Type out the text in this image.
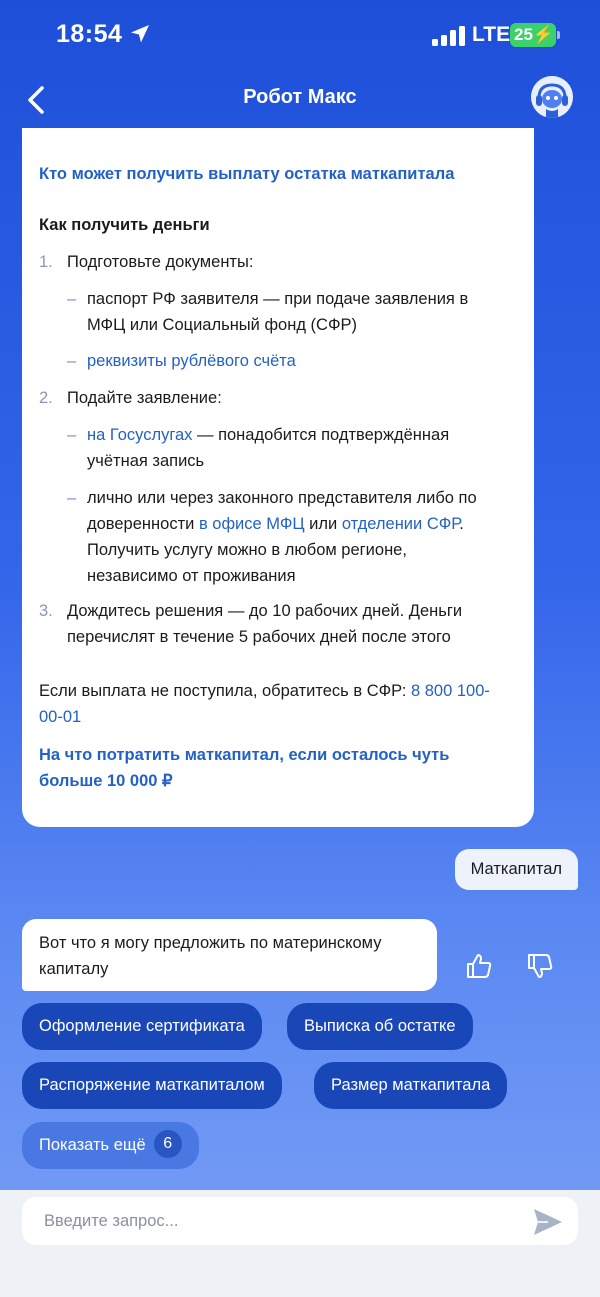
18:54	LTE 25⚡
Робот Макс
Кто может получить выплату остатка маткапитала
Как получить деньги
1. Подготовьте документы:
– паспорт РФ заявителя — при подаче заявления в МФЦ или Социальный фонд (СФР)
– реквизиты рублёвого счёта
2. Подайте заявление:
– на Госуслугах — понадобится подтверждённая учётная запись
– лично или через законного представителя либо по доверенности в офисе МФЦ или отделении СФР. Получить услугу можно в любом регионе, независимо от проживания
3. Дождитесь решения — до 10 рабочих дней. Деньги перечислят в течение 5 рабочих дней после этого
Если выплата не поступила, обратитесь в СФР: 8 800 100-00-01
На что потратить маткапитал, если осталось чуть больше 10 000 ₽
Маткапитал
Вот что я могу предложить по материнскому капиталу
Оформление сертификата	Выписка об остатке
Распоряжение маткапиталом	Размер маткапитала
Показать ещё 6
Введите запрос...
